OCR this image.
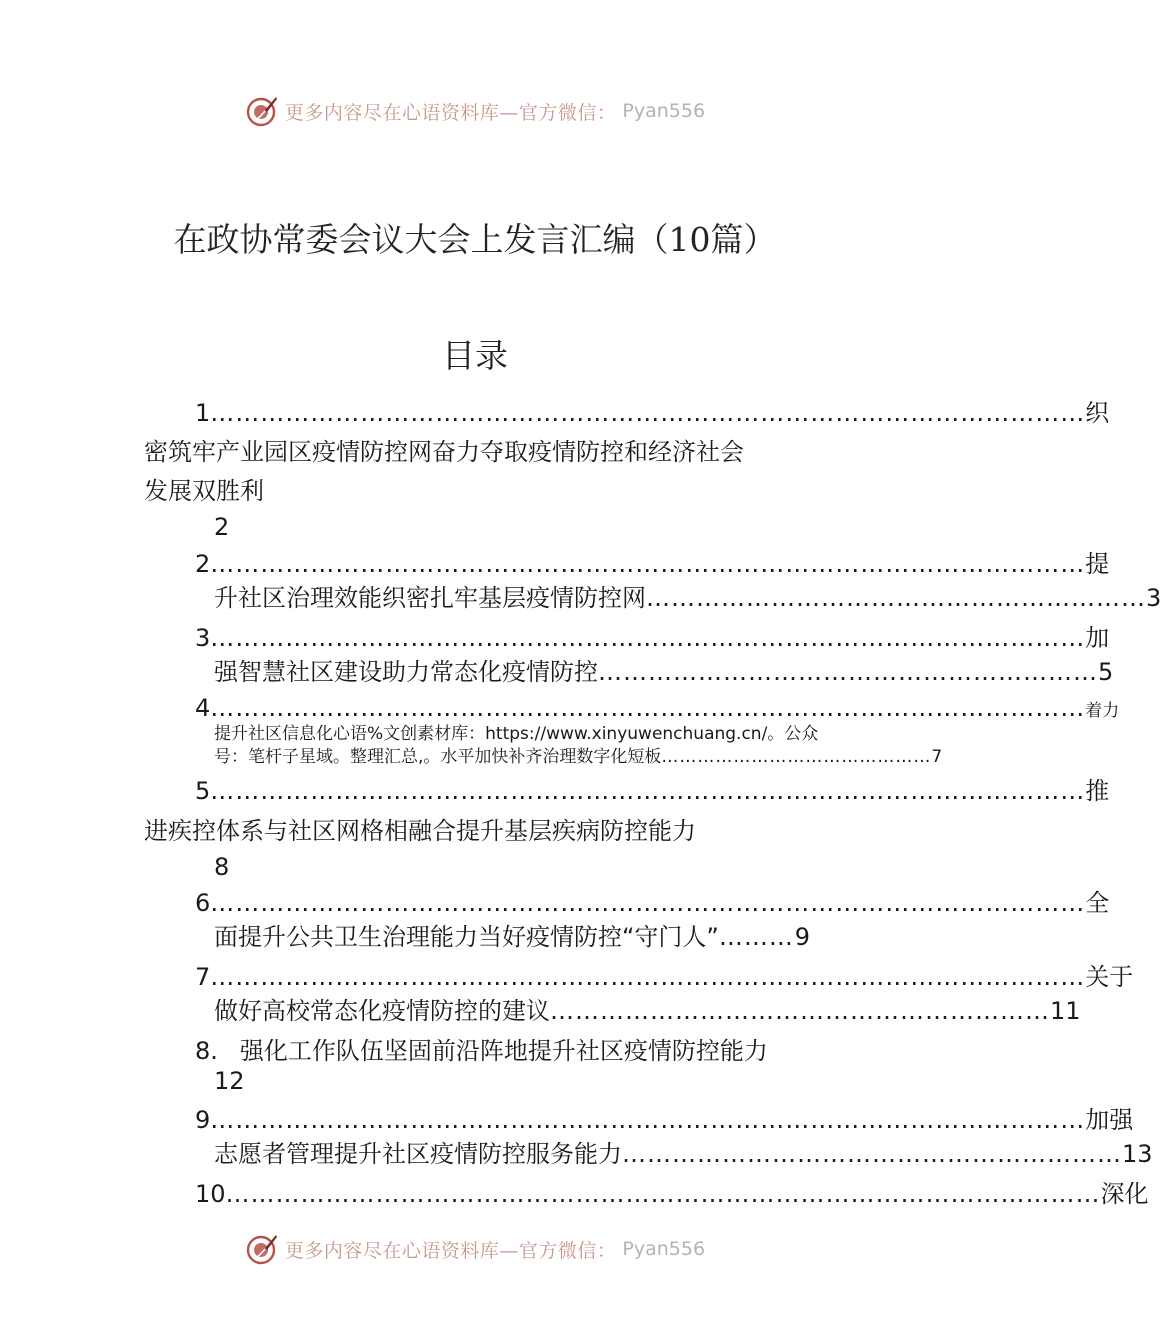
更多内容尽在心语资料库—官方微信： Pyan556
在政协常委会议大会上发言汇编（10篇）
目录
1 …………………………………………………………………………………………… 织
密筑牢产业园区疫情防控网奋力夺取疫情防控和经济社会
发展双胜利
2
2 …………………………………………………………………………………………… 提
升社区治理效能织密扎牢基层疫情防控网 …………………………………………………… 3
3 …………………………………………………………………………………………… 加
强智慧社区建设助力常态化疫情防控 …………………………………………………… 5
4 …………………………………………………………………………………………… 着力
提升社区信息化心语%文创素材库：https://www.xinyuwenchuang.cn/。公众
号：笔杆子星域。整理汇总,。水平加快补齐治理数字化短板 ……………………………………… 7
5 …………………………………………………………………………………………… 推
进疾控体系与社区网格相融合提升基层疾病防控能力
8
6 …………………………………………………………………………………………… 全
面提升公共卫生治理能力当好疫情防控“守门人” ……… 9
7 …………………………………………………………………………………………… 关于
做好高校常态化疫情防控的建议 …………………………………………………… 11
8. 强化工作队伍坚固前沿阵地提升社区疫情防控能力
12
9 …………………………………………………………………………………………… 加强
志愿者管理提升社区疫情防控服务能力 …………………………………………………… 13
10 …………………………………………………………………………………………… 深化
更多内容尽在心语资料库—官方微信： Pyan556
